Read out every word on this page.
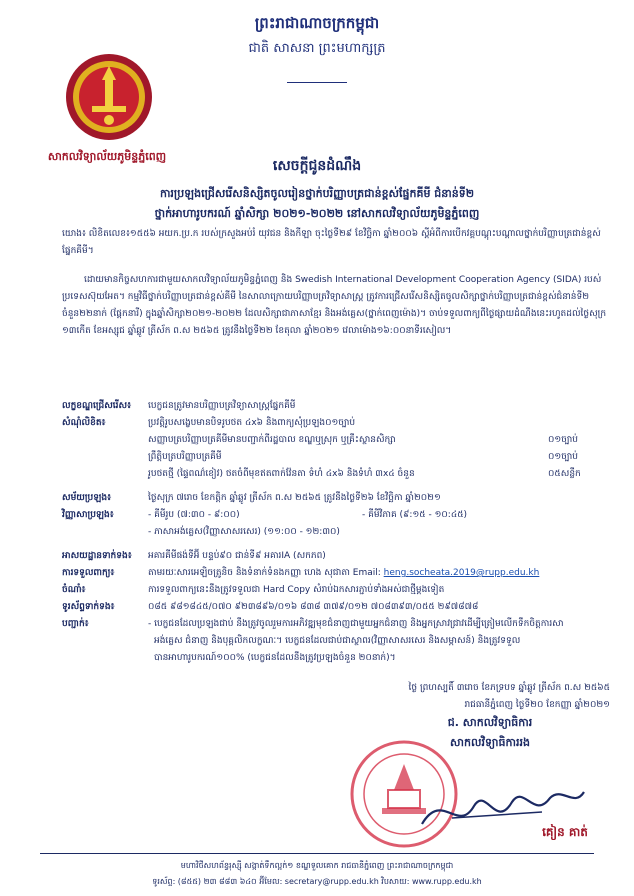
ព្រះរាជាណាចក្រកម្ពុជា
ជាតិ សាសនា ព្រះមហាក្សត្រ
សាកលវិទ្យាល័យភូមិន្ទភ្នំពេញ
សេចក្តីជូនដំណឹង
ការប្រឡងជ្រើសរើសនិស្សិតចូលរៀនថ្នាក់បរិញ្ញាបត្រជាន់ខ្ពស់ផ្នែកគីមី ជំនាន់ទី២
ថ្នាក់អាហារូបករណ៍ ឆ្នាំសិក្សា ២០២១-២០២២ នៅសាកលវិទ្យាល័យភូមិន្ទភ្នំពេញ
យោង៖ លិខិតលេខ៖១៥៥៦ អយក.ប្រ.ក របស់ក្រសួងអប់រំ យុវជន និងកីឡា ចុះថ្ងៃទី២៩ ខែវិច្ឆិកា ឆ្នាំ២០០៦ ស្តីអំពីការបើកវគ្គបណ្តុះបណ្តាលថ្នាក់បរិញ្ញាបត្រជាន់ខ្ពស់ផ្នែកគីមី។
ដោយមានកិច្ចសហការជាមួយសាកលវិទ្យាល័យភូមិន្ទភ្នំពេញ និង Swedish International Development Cooperation Agency (SIDA) របស់ប្រទេសស៊ុយអែត។ កម្មវិធីថ្នាក់បរិញ្ញាបត្រជាន់ខ្ពស់គីមី នៃសាលាក្រោយបរិញ្ញាបត្រវិទ្យាសាស្ត្រ ត្រូវការជ្រើសរើសនិស្សិតចូលសិក្សាថ្នាក់បរិញ្ញាបត្រជាន់ខ្ពស់ជំនាន់ទី២ ចំនួន២២នាក់ (ផ្តែកនារី) ក្នុងឆ្នាំសិក្សា២០២១-២០២២ ដែលសិក្សាជាភាសាខ្មែរ និងអង់គ្លេស(ថ្នាក់ពេញម៉ោង)។ ចាប់ទទួលពាក្យពីថ្ងៃផ្សាយដំណឹងនេះរហូតដល់ថ្ងៃសុក្រ ១៣កើត ខែអស្សុជ ឆ្នាំឆ្លូវ ត្រីស័ក ព.ស ២៥៦៥ ត្រូវនឹងថ្ងៃទី២២ ខែតុលា ឆ្នាំ២០២១ វេលាម៉ោង១៦:០០នាទីរសៀល។
លក្ខខណ្ឌជ្រើសរើស៖	បេក្ខជនត្រូវមានបរិញ្ញាបត្រវិទ្យាសាស្ត្រផ្នែកគីមី
សំណុំលិខិត៖	ប្រវត្តិរូបសង្ខេបមានបិទរូបថត ៤x៦ និងពាក្យសុំប្រឡង០១ច្បាប់
សញ្ញាបត្របរិញ្ញាបត្រគីមីមានបញ្ជាក់ពីរដ្ឋបាល ខណ្ឌឬស្រុក ឬគ្រឹះស្ថានសិក្សា	០១ច្បាប់
ព្រឹត្តិបត្របរិញ្ញាបត្រគីមី	០១ច្បាប់
រូបថតថ្មី (ផ្ទៃពណ៌ខៀវ) ថតចំពីមុខឥតពាក់វ៉ែនតា ទំហំ ៤x៦ និងទំហំ ៣x៤ ចំនួន	០៥សន្លឹក
សម័យប្រឡង៖	ថ្ងៃសុក្រ ៧រោច ខែកត្តិក ឆ្នាំឆ្លូវ ត្រីស័ក ព.ស ២៥៦៥ ត្រូវនឹងថ្ងៃទី២៦ ខែវិច្ឆិកា ឆ្នាំ២០២១
វិញ្ញាសាប្រឡង៖	- គីមីរូប (៧:៣០ - ៩:០០)	- គីមីវិភាគ (៩:១៥ - ១០:៤៥)
- ភាសាអង់គ្លេស(វិញ្ញាសាសរសេរ) (១១:០០ - ១២:៣០)
អាសយដ្ឋានទាក់ទង៖	អគារគីមីផង់ទីអ៊ី បន្ទប់៩០ ជាន់ទី៩ អគារIA (សកភព)
ការទទួលពាក្យ៖	តាមរយៈសារអេឡិចត្រូនិច និងទំនាក់ទំនងកញ្ញា ហេង សុជាតា Email: heng.socheata.2019@rupp.edu.kh
ចំណាំ៖	ការទទួលពាក្យនេះនឹងត្រូវទទួលជា Hard Copy សំរាប់ឯកសារភ្ជាប់ទាំងអស់ជាថ្មីម្តងទៀត
ទូរស័ព្ទទាក់ទង៖	០៨៥ ៩៨១៨៤៥/០៧០ ៩២៣៨៩៦/០១៦ ៨៣៨ ៣៧៩/០១២ ៧០៨៣៩៣/០៥៥ ២៩៧៨៧៨
បញ្ជាក់៖	- បេក្ខជនដែលប្រឡងជាប់ នឹងត្រូវចូលរួមការអភិវឌ្ឍមុខជំនាញជាមួយអ្នកជំនាញ និងអ្នកស្រាវជ្រាវដើម្បីត្រៀមលើកទឹកចិត្តការសា
អង់គ្លេស ជំនាញ និងបុគ្គលិកលក្ខណៈ។ បេក្ខជនដែលជាប់ជាស្ថាពរ(វិញ្ញាសាសរសេរ និងសម្ភាសន៍) និងត្រូវទទួល
បានអាហារូបករណ៍១០០% (បេក្ខជនដែលនឹងត្រូវប្រឡងចំនួន ២០នាក់)។
ថ្ងៃ ព្រហស្បតិ៍ ៣រោច ខែភទ្របទ ឆ្នាំឆ្លូវ ត្រីស័ក ព.ស ២៥៦៥
រាជធានីភ្នំពេញ ថ្ងៃទី២០ ខែកញ្ញា ឆ្នាំ២០២១
ជ. សាកលវិទ្យាធិការ
សាកលវិទ្យាធិការរង
គៀន គាត់
មហាវិថីសហព័ន្ធរុស្ស៊ី សង្កាត់ទឹកល្អក់១ ខណ្ឌទួលគោក រាជធានីភ្នំពេញ ព្រះរាជាណាចក្រកម្ពុជា
ទូរស័ព្ទ: (៨៥៥) ២៣ ៨៨៣ ៦៤០ អ៊ីមែល: secretary@rupp.edu.kh វិបសាយ: www.rupp.edu.kh
